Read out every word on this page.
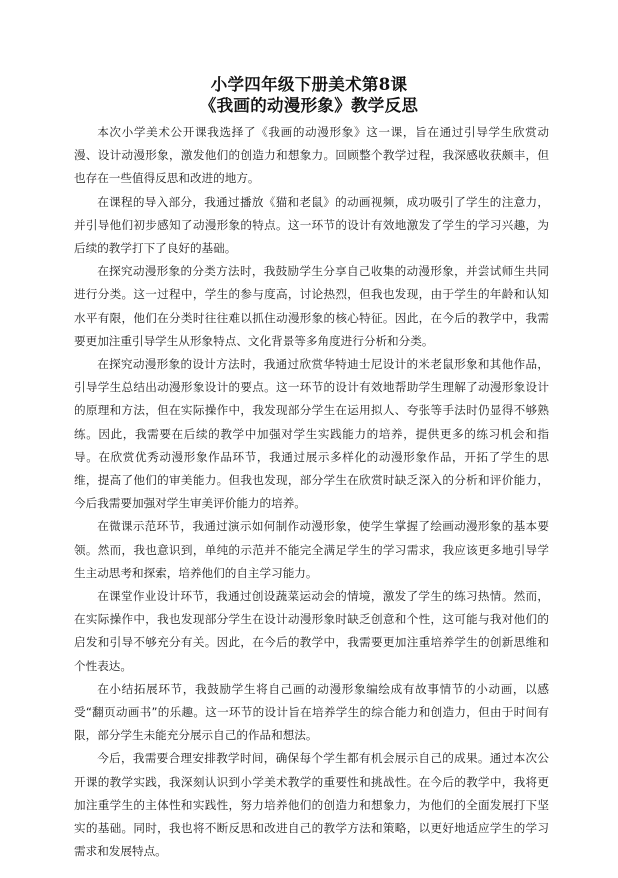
小学四年级下册美术第8课
《我画的动漫形象》教学反思

本次小学美术公开课我选择了《我画的动漫形象》这一课，旨在通过引导学生欣赏动漫、设计动漫形象，激发他们的创造力和想象力。回顾整个教学过程，我深感收获颇丰，但也存在一些值得反思和改进的地方。

在课程的导入部分，我通过播放《猫和老鼠》的动画视频，成功吸引了学生的注意力，并引导他们初步感知了动漫形象的特点。这一环节的设计有效地激发了学生的学习兴趣，为后续的教学打下了良好的基础。

在探究动漫形象的分类方法时，我鼓励学生分享自己收集的动漫形象，并尝试师生共同进行分类。这一过程中，学生的参与度高，讨论热烈，但我也发现，由于学生的年龄和认知水平有限，他们在分类时往往难以抓住动漫形象的核心特征。因此，在今后的教学中，我需要更加注重引导学生从形象特点、文化背景等多角度进行分析和分类。

在探究动漫形象的设计方法时，我通过欣赏华特迪士尼设计的米老鼠形象和其他作品，引导学生总结出动漫形象设计的要点。这一环节的设计有效地帮助学生理解了动漫形象设计的原理和方法，但在实际操作中，我发现部分学生在运用拟人、夸张等手法时仍显得不够熟练。因此，我需要在后续的教学中加强对学生实践能力的培养，提供更多的练习机会和指导。在欣赏优秀动漫形象作品环节，我通过展示多样化的动漫形象作品，开拓了学生的思维，提高了他们的审美能力。但我也发现，部分学生在欣赏时缺乏深入的分析和评价能力，今后我需要加强对学生审美评价能力的培养。

在微课示范环节，我通过演示如何制作动漫形象，使学生掌握了绘画动漫形象的基本要领。然而，我也意识到，单纯的示范并不能完全满足学生的学习需求，我应该更多地引导学生主动思考和探索，培养他们的自主学习能力。

在课堂作业设计环节，我通过创设蔬菜运动会的情境，激发了学生的练习热情。然而，在实际操作中，我也发现部分学生在设计动漫形象时缺乏创意和个性，这可能与我对他们的启发和引导不够充分有关。因此，在今后的教学中，我需要更加注重培养学生的创新思维和个性表达。

在小结拓展环节，我鼓励学生将自己画的动漫形象编绘成有故事情节的小动画，以感受“翻页动画书”的乐趣。这一环节的设计旨在培养学生的综合能力和创造力，但由于时间有限，部分学生未能充分展示自己的作品和想法。

今后，我需要合理安排教学时间，确保每个学生都有机会展示自己的成果。通过本次公开课的教学实践，我深刻认识到小学美术教学的重要性和挑战性。在今后的教学中，我将更加注重学生的主体性和实践性，努力培养他们的创造力和想象力，为他们的全面发展打下坚实的基础。同时，我也将不断反思和改进自己的教学方法和策略，以更好地适应学生的学习需求和发展特点。
